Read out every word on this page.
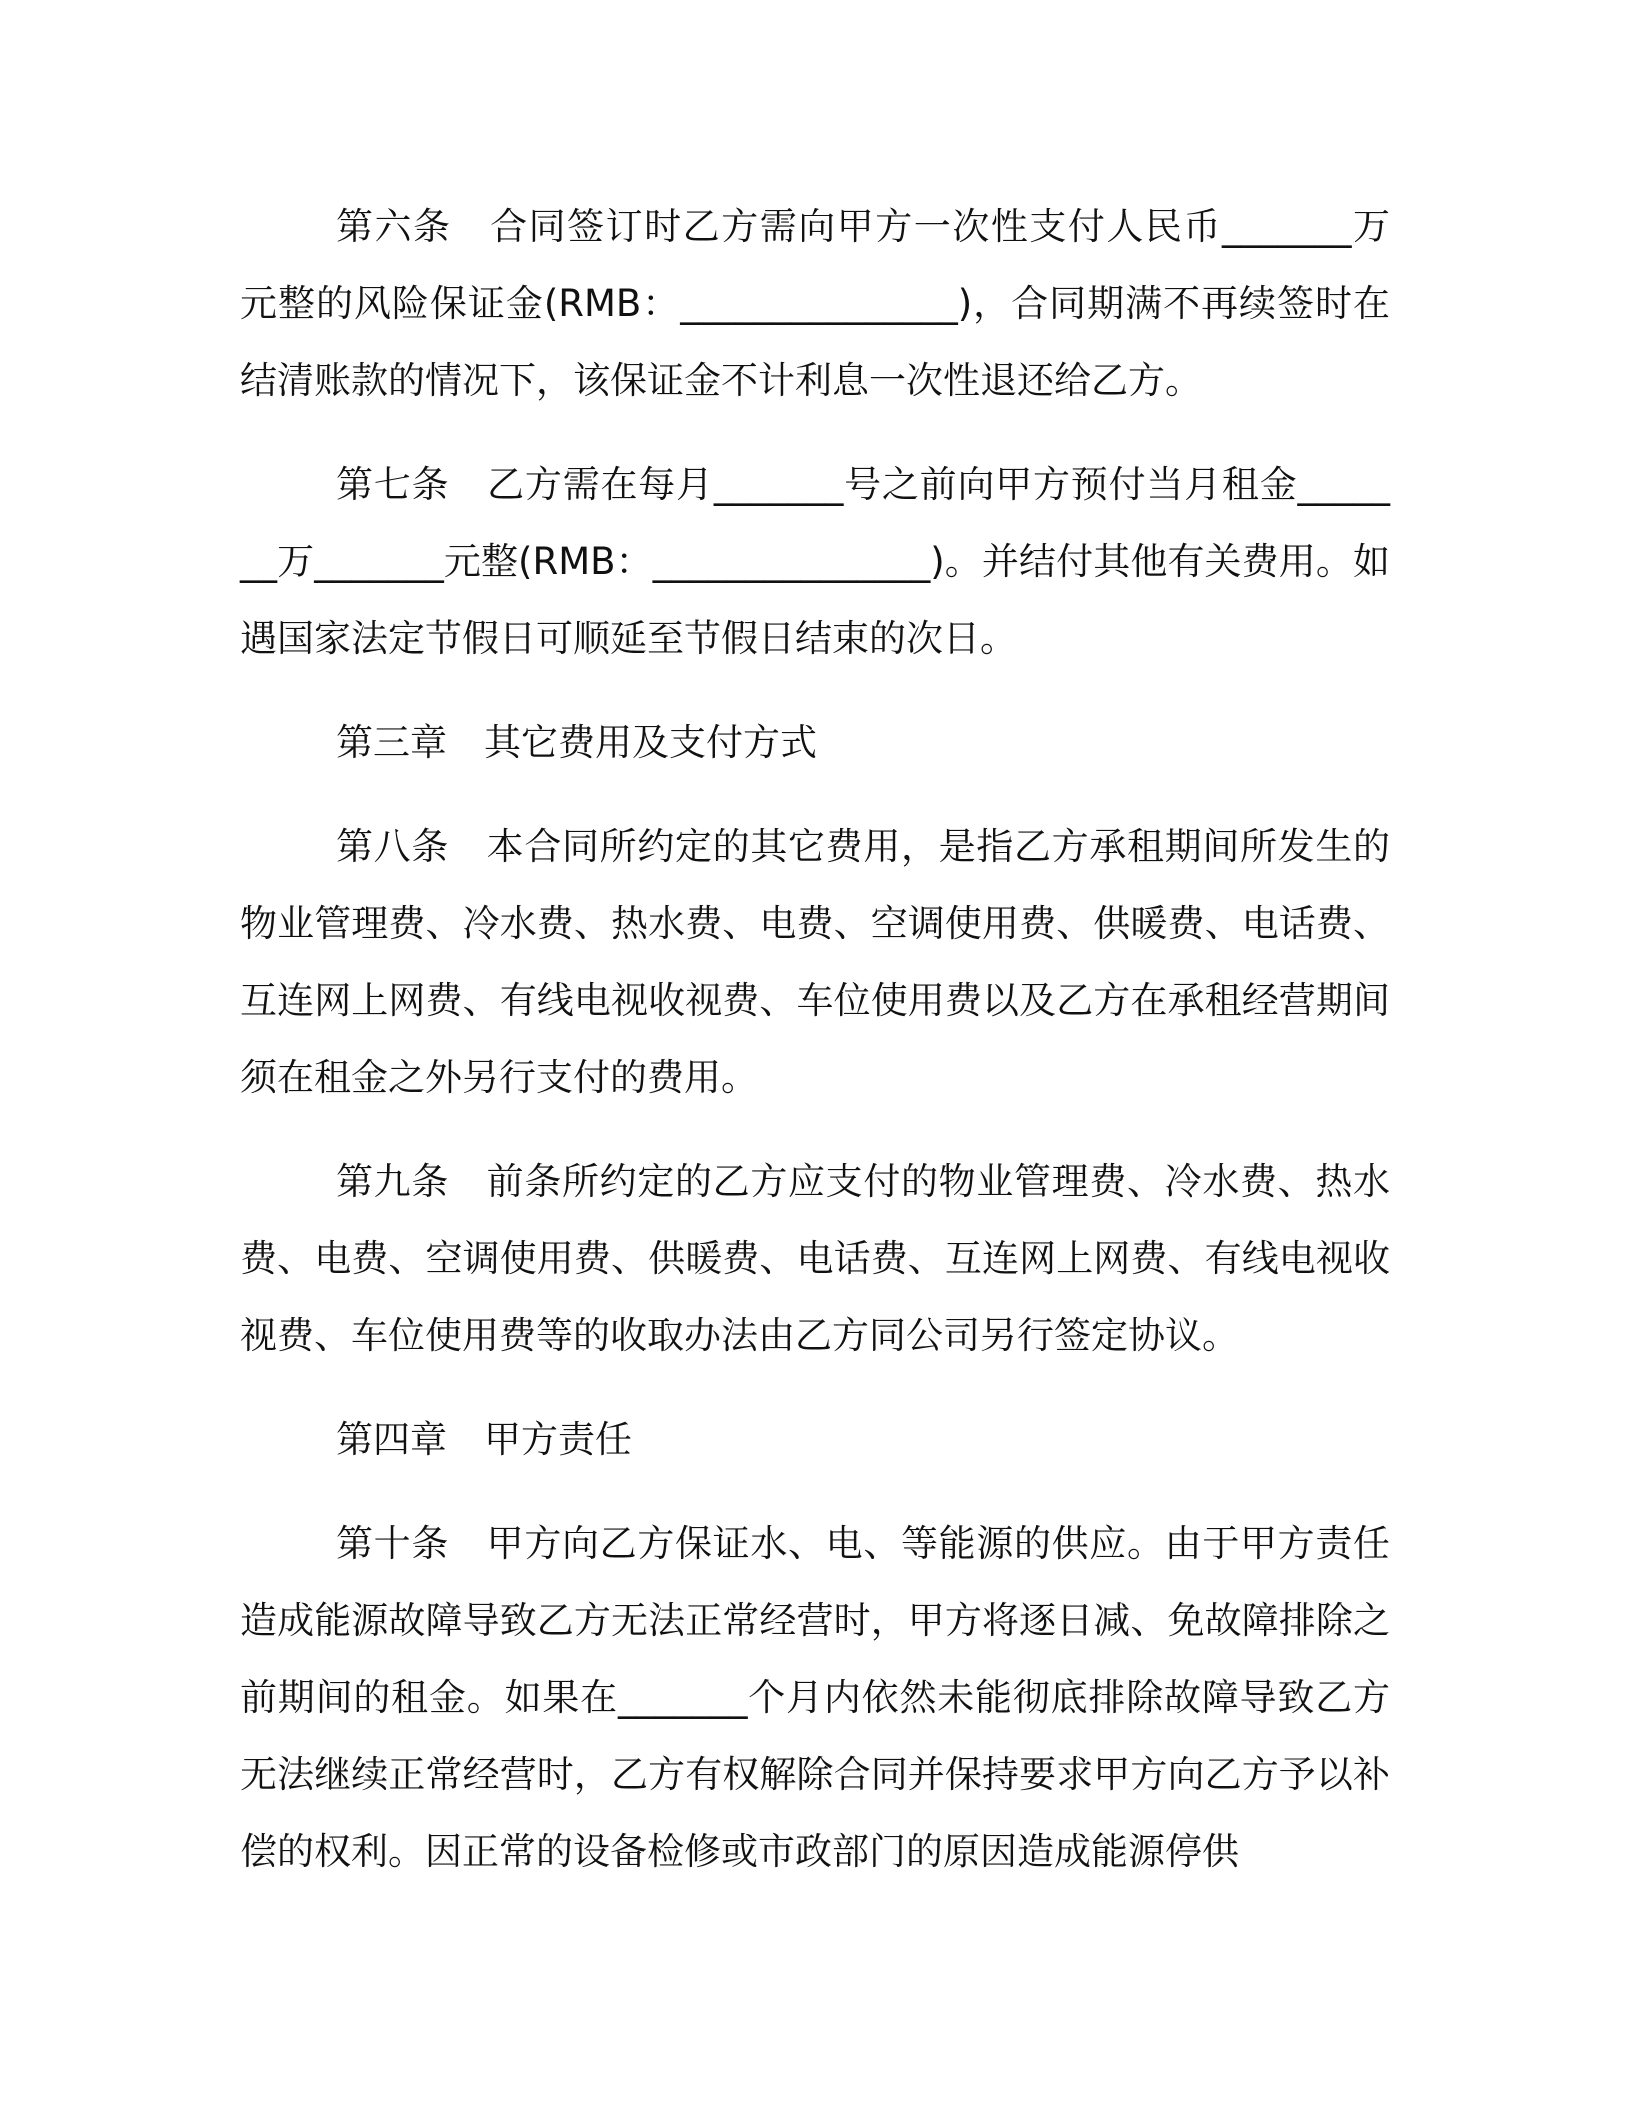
第六条　合同签订时乙方需向甲方一次性支付人民币_______万元整的风险保证金(RMB：_______________)，合同期满不再续签时在结清账款的情况下，该保证金不计利息一次性退还给乙方。

第七条　乙方需在每月_______号之前向甲方预付当月租金_______万_______元整(RMB：_______________)。并结付其他有关费用。如遇国家法定节假日可顺延至节假日结束的次日。

第三章　其它费用及支付方式

第八条　本合同所约定的其它费用，是指乙方承租期间所发生的物业管理费、冷水费、热水费、电费、空调使用费、供暖费、电话费、互连网上网费、有线电视收视费、车位使用费以及乙方在承租经营期间须在租金之外另行支付的费用。

第九条　前条所约定的乙方应支付的物业管理费、冷水费、热水费、电费、空调使用费、供暖费、电话费、互连网上网费、有线电视收视费、车位使用费等的收取办法由乙方同公司另行签定协议。

第四章　甲方责任

第十条　甲方向乙方保证水、电、等能源的供应。由于甲方责任造成能源故障导致乙方无法正常经营时，甲方将逐日减、免故障排除之前期间的租金。如果在_______个月内依然未能彻底排除故障导致乙方无法继续正常经营时，乙方有权解除合同并保持要求甲方向乙方予以补偿的权利。因正常的设备检修或市政部门的原因造成能源停供
